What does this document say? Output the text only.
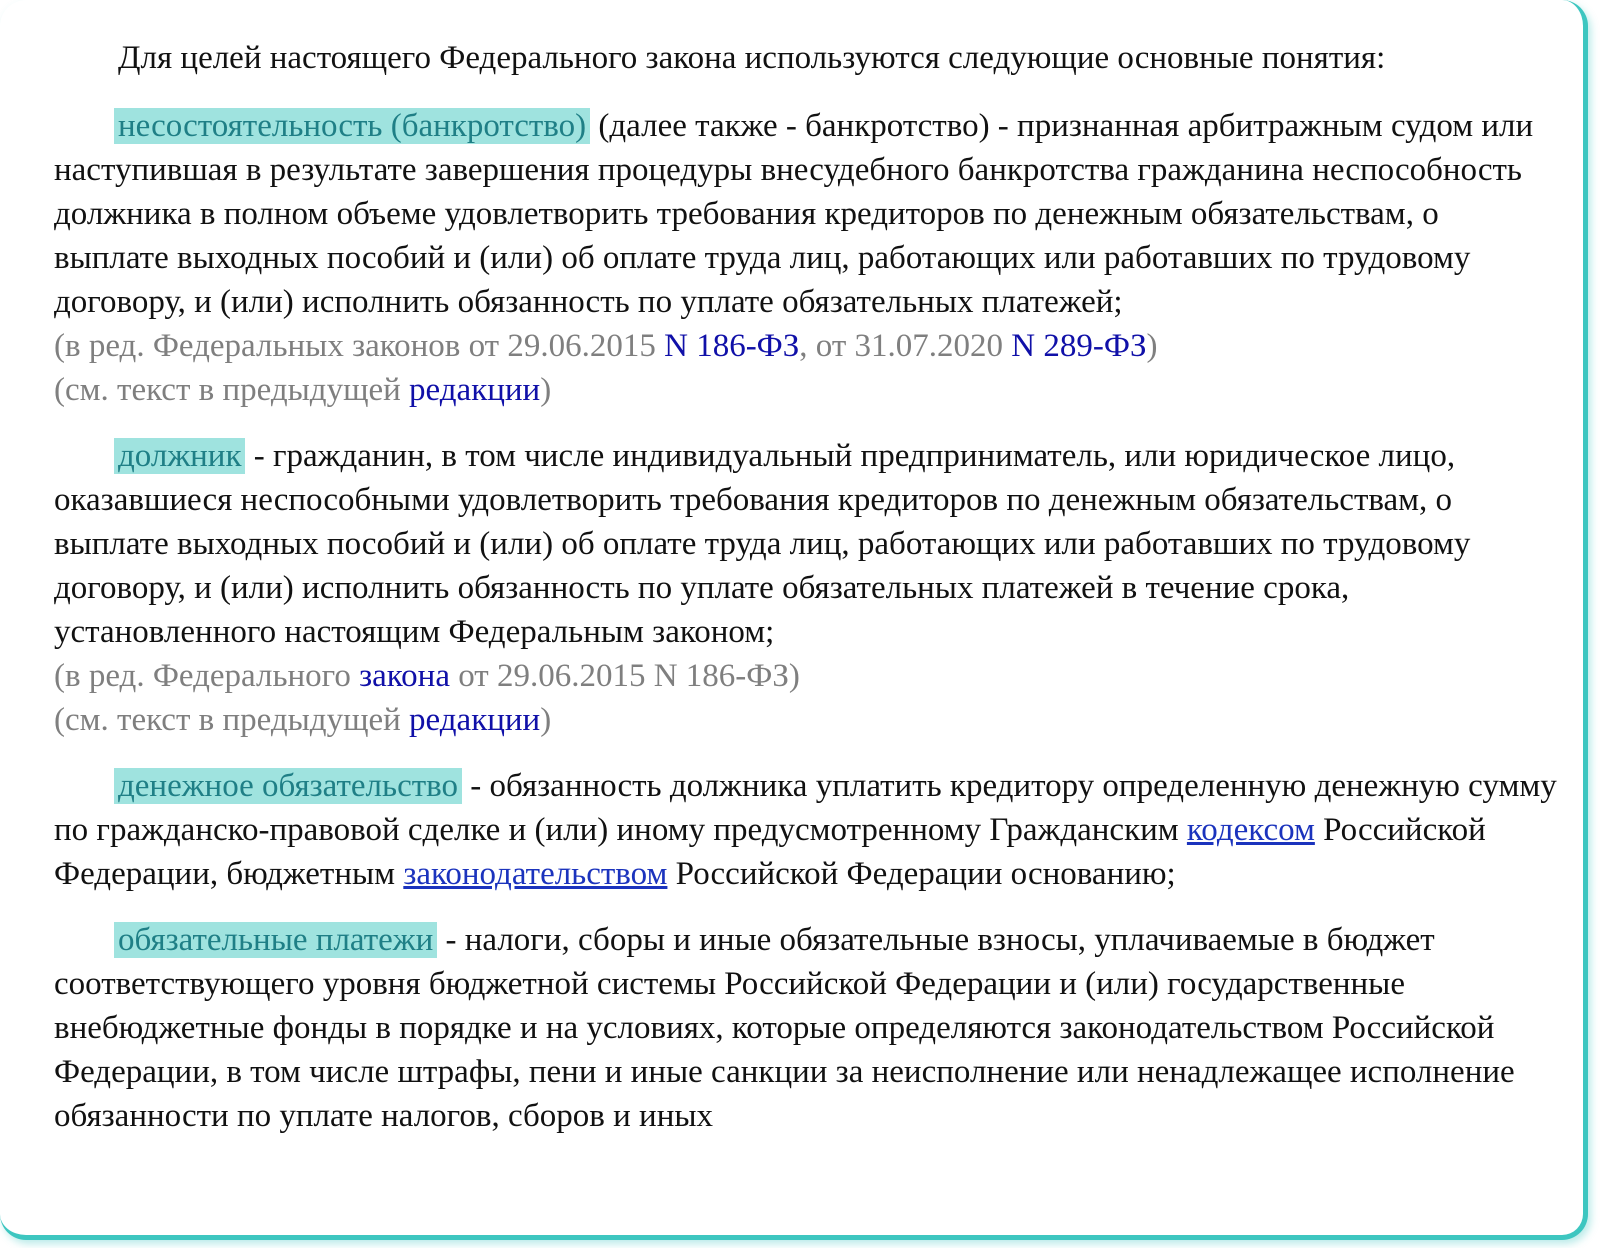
Для целей настоящего Федерального закона используются следующие основные понятия:

несостоятельность (банкротство) (далее также - банкротство) - признанная арбитражным судом или наступившая в результате завершения процедуры внесудебного банкротства гражданина неспособность должника в полном объеме удовлетворить требования кредиторов по денежным обязательствам, о выплате выходных пособий и (или) об оплате труда лиц, работающих или работавших по трудовому договору, и (или) исполнить обязанность по уплате обязательных платежей;

(в ред. Федеральных законов от 29.06.2015 N 186-ФЗ, от 31.07.2020 N 289-ФЗ)

(см. текст в предыдущей редакции)

должник - гражданин, в том числе индивидуальный предприниматель, или юридическое лицо, оказавшиеся неспособными удовлетворить требования кредиторов по денежным обязательствам, о выплате выходных пособий и (или) об оплате труда лиц, работающих или работавших по трудовому договору, и (или) исполнить обязанность по уплате обязательных платежей в течение срока, установленного настоящим Федеральным законом;

(в ред. Федерального закона от 29.06.2015 N 186-ФЗ)

(см. текст в предыдущей редакции)

денежное обязательство - обязанность должника уплатить кредитору определенную денежную сумму по гражданско-правовой сделке и (или) иному предусмотренному Гражданским кодексом Российской Федерации, бюджетным законодательством Российской Федерации основанию;

обязательные платежи - налоги, сборы и иные обязательные взносы, уплачиваемые в бюджет соответствующего уровня бюджетной системы Российской Федерации и (или) государственные внебюджетные фонды в порядке и на условиях, которые определяются законодательством Российской Федерации, в том числе штрафы, пени и иные санкции за неисполнение или ненадлежащее исполнение обязанности по уплате налогов, сборов и иных
